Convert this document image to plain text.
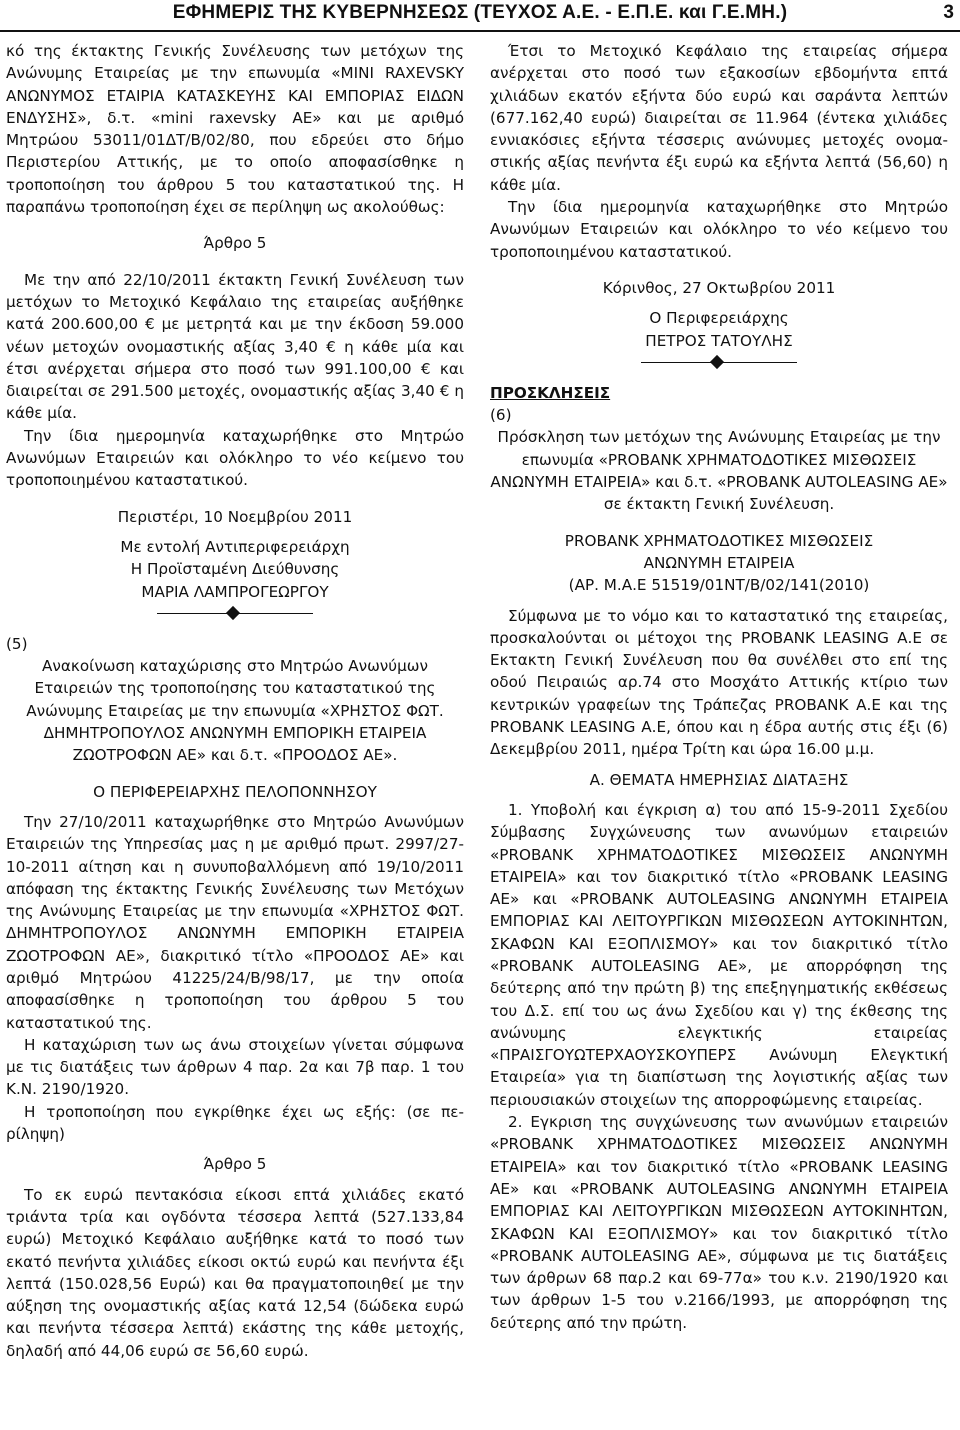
ΕΦΗΜΕΡΙΣ ΤΗΣ ΚΥΒΕΡΝΗΣΕΩΣ (ΤΕΥΧΟΣ Α.Ε. - Ε.Π.Ε. και Γ.Ε.ΜΗ.)	3

κό της έκτακτης Γενικής Συνέλευσης των μετόχων της Ανώνυμης Εταιρείας με την επωνυμία «MINI RAXEVSKY ΑΝΩΝΥΜΟΣ ΕΤΑΙΡΙΑ ΚΑΤΑΣΚΕΥΗΣ ΚΑΙ ΕΜΠΟΡΙΑΣ ΕΙΔΩΝ ΕΝΔΥΣΗΣ», δ.τ. «mini raxevsky ΑΕ» και με αριθμό Μητρώου 53011/01ΔΤ/Β/02/80, που εδρεύει στο δήμο Περιστερίου Αττικής, με το οποίο αποφασίσθηκε η τροποποίηση του άρθρου 5 του καταστατικού της. Η παραπάνω τροποποίηση έχει σε περίληψη ως ακολούθως:

Άρθρο 5

Με την από 22/10/2011 έκτακτη Γενική Συνέλευση των μετόχων το Μετοχικό Κεφάλαιο της εταιρείας αυξήθηκε κατά 200.600,00 € με μετρητά και με την έκδοση 59.000 νέων μετοχών ονομαστικής αξίας 3,40 € η κάθε μία και έτσι ανέρχεται σήμερα στο ποσό των 991.100,00 € και διαιρείται σε 291.500 μετοχές, ονομαστικής αξίας 3,40 € η κάθε μία.

Την ίδια ημερομηνία καταχωρήθηκε στο Μητρώο Ανωνύμων Εταιρειών και ολόκληρο το νέο κείμενο του τροποποιημένου καταστατικού.

Περιστέρι, 10 Νοεμβρίου 2011

Με εντολή Αντιπεριφερειάρχη

Η Προϊσταμένη Διεύθυνσης

ΜΑΡΙΑ ΛΑΜΠΡΟΓΕΩΡΓΟΥ

(5)

Ανακοίνωση καταχώρισης στο Μητρώο Ανωνύμων Εταιρειών της τροποποίησης του καταστατικού της Ανώνυμης Εταιρείας με την επωνυμία «ΧΡΗΣΤΟΣ ΦΩΤ. ΔΗΜΗΤΡΟΠΟΥΛΟΣ ΑΝΩΝΥΜΗ ΕΜΠΟΡΙΚΗ ΕΤΑΙΡΕΙΑ ΖΩΟΤΡΟΦΩΝ ΑΕ» και δ.τ. «ΠΡΟΟΔΟΣ ΑΕ».

Ο ΠΕΡΙΦΕΡΕΙΑΡΧΗΣ ΠΕΛΟΠΟΝΝΗΣΟΥ

Την 27/10/2011 καταχωρήθηκε στο Μητρώο Ανωνύμων Εταιρειών της Υπηρεσίας μας η με αριθμό πρωτ. 2997/27-10-2011 αίτηση και η συνυποβαλλόμενη από 19/10/2011 απόφαση της έκτακτης Γενικής Συνέλευσης των Μετόχων της Ανώνυμης Εταιρείας με την επωνυμία «ΧΡΗΣΤΟΣ ΦΩΤ. ΔΗΜΗΤΡΟΠΟΥΛΟΣ ΑΝΩΝΥΜΗ ΕΜΠΟΡΙΚΗ ΕΤΑΙΡΕΙΑ ΖΩΟΤΡΟΦΩΝ ΑΕ», διακριτικό τίτλο «ΠΡΟΟΔΟΣ ΑΕ» και αριθμό Μητρώου 41225/24/Β/98/17, με την οποία αποφασίσθηκε η τροποποίηση του άρθρου 5 του καταστατικού της.

Η καταχώριση των ως άνω στοιχείων γίνεται σύμφωνα με τις διατάξεις των άρθρων 4 παρ. 2α και 7β παρ. 1 του Κ.Ν. 2190/1920.

Η τροποποίηση που εγκρίθηκε έχει ως εξής: (σε περίληψη)

Άρθρο 5

Το εκ ευρώ πεντακόσια είκοσι επτά χιλιάδες εκατό τριάντα τρία και ογδόντα τέσσερα λεπτά (527.133,84 ευρώ) Μετοχικό Κεφάλαιο αυξήθηκε κατά το ποσό των εκατό πενήντα χιλιάδες είκοσι οκτώ ευρώ και πενήντα έξι λεπτά (150.028,56 Ευρώ) και θα πραγματοποιηθεί με την αύξηση της ονομαστικής αξίας κατά 12,54 (δώδεκα ευρώ και πενήντα τέσσερα λεπτά) εκάστης της κάθε μετοχής, δηλαδή από 44,06 ευρώ σε 56,60 ευρώ.

Έτσι το Μετοχικό Κεφάλαιο της εταιρείας σήμερα ανέρχεται στο ποσό των εξακοσίων εβδομήντα επτά χιλιάδων εκατόν εξήντα δύο ευρώ και σαράντα λεπτών (677.162,40 ευρώ) διαιρείται σε 11.964 (έντεκα χιλιάδες εννιακόσιες εξήντα τέσσερις ανώνυμες μετοχές ονομαστικής αξίας πενήντα έξι ευρώ κα εξήντα λεπτά (56,60) η κάθε μία.

Την ίδια ημερομηνία καταχωρήθηκε στο Μητρώο Ανωνύμων Εταιρειών και ολόκληρο το νέο κείμενο του τροποποιημένου καταστατικού.

Κόρινθος, 27 Οκτωβρίου 2011

Ο Περιφερειάρχης

ΠΕΤΡΟΣ ΤΑΤΟΥΛΗΣ

ΠΡΟΣΚΛΗΣΕΙΣ

(6)

Πρόσκληση των μετόχων της Ανώνυμης Εταιρείας με την επωνυμία «PROBANK ΧΡΗΜΑΤΟΔΟΤΙΚΕΣ ΜΙΣΘΩΣΕΙΣ ΑΝΩΝΥΜΗ ΕΤΑΙΡΕΙΑ» και δ.τ. «PROBANK AUTOLEASING AE» σε έκτακτη Γενική Συνέλευση.

PROBANK ΧΡΗΜΑΤΟΔΟΤΙΚΕΣ ΜΙΣΘΩΣΕΙΣ

ΑΝΩΝΥΜΗ ΕΤΑΙΡΕΙΑ

(ΑΡ. Μ.Α.Ε 51519/01ΝΤ/Β/02/141(2010)

Σύμφωνα με το νόμο και το καταστατικό της εταιρείας, προσκαλούνται οι μέτοχοι της PROBANK LEASING Α.Ε σε Εκτακτη Γενική Συνέλευση που θα συνέλθει στο επί της οδού Πειραιώς αρ.74 στο Μοσχάτο Αττικής κτίριο των κεντρικών γραφείων της Τράπεζας PROBANK Α.Ε και της PROBANK LEASING Α.Ε, όπου και η έδρα αυτής στις έξι (6) Δεκεμβρίου 2011, ημέρα Τρίτη και ώρα 16.00 μ.μ.

Α. ΘΕΜΑΤΑ ΗΜΕΡΗΣΙΑΣ ΔΙΑΤΑΞΗΣ

1. Υποβολή και έγκριση α) του από 15-9-2011 Σχεδίου Σύμβασης Συγχώνευσης των ανωνύμων εταιρειών «PROBANK ΧΡΗΜΑΤΟΔΟΤΙΚΕΣ ΜΙΣΘΩΣΕΙΣ ΑΝΩΝΥΜΗ ΕΤΑΙΡΕΙΑ» και τον διακριτικό τίτλο «PROBANK LEASING ΑΕ» και «PROBANK AUTOLEASING ΑΝΩΝΥΜΗ ΕΤΑΙΡΕΙΑ ΕΜΠΟΡΙΑΣ ΚΑΙ ΛΕΙΤΟΥΡΓΙΚΩΝ ΜΙΣΘΩΣΕΩΝ ΑΥΤΟΚΙΝΗΤΩΝ, ΣΚΑΦΩΝ ΚΑΙ ΕΞΟΠΛΙΣΜΟΥ» και τον διακριτικό τίτλο «PROBANK AUTOLEASING ΑΕ», με απορρόφηση της δεύτερης από την πρώτη β) της επεξηγηματικής εκθέσεως του Δ.Σ. επί του ως άνω Σχεδίου και γ) της έκθεσης της ανώνυμης ελεγκτικής εταιρείας «ΠΡΑΙΣΓΟΥΩΤΕΡΧΑΟΥΣΚΟΥΠΕΡΣ Ανώνυμη Ελεγκτική Εταιρεία» για τη διαπίστωση της λογιστικής αξίας των περιουσιακών στοιχείων της απορροφώμενης εταιρείας.

2. Εγκριση της συγχώνευσης των ανωνύμων εταιρειών «PROBANK ΧΡΗΜΑΤΟΔΟΤΙΚΕΣ ΜΙΣΘΩΣΕΙΣ ΑΝΩΝΥΜΗ ΕΤΑΙΡΕΙΑ» και τον διακριτικό τίτλο «PROBANK LEASING ΑΕ» και «PROBANK AUTOLEASING ΑΝΩΝΥΜΗ ΕΤΑΙΡΕΙΑ ΕΜΠΟΡΙΑΣ ΚΑΙ ΛΕΙΤΟΥΡΓΙΚΩΝ ΜΙΣΘΩΣΕΩΝ ΑΥΤΟΚΙΝΗΤΩΝ, ΣΚΑΦΩΝ ΚΑΙ ΕΞΟΠΛΙΣΜΟΥ» και τον διακριτικό τίτλο «PROBANK AUTOLEASING ΑΕ», σύμφωνα με τις διατάξεις των άρθρων 68 παρ.2 και 69-77α» του κ.ν. 2190/1920 και των άρθρων 1-5 του ν.2166/1993, με απορρόφηση της δεύτερης από την πρώτη.
